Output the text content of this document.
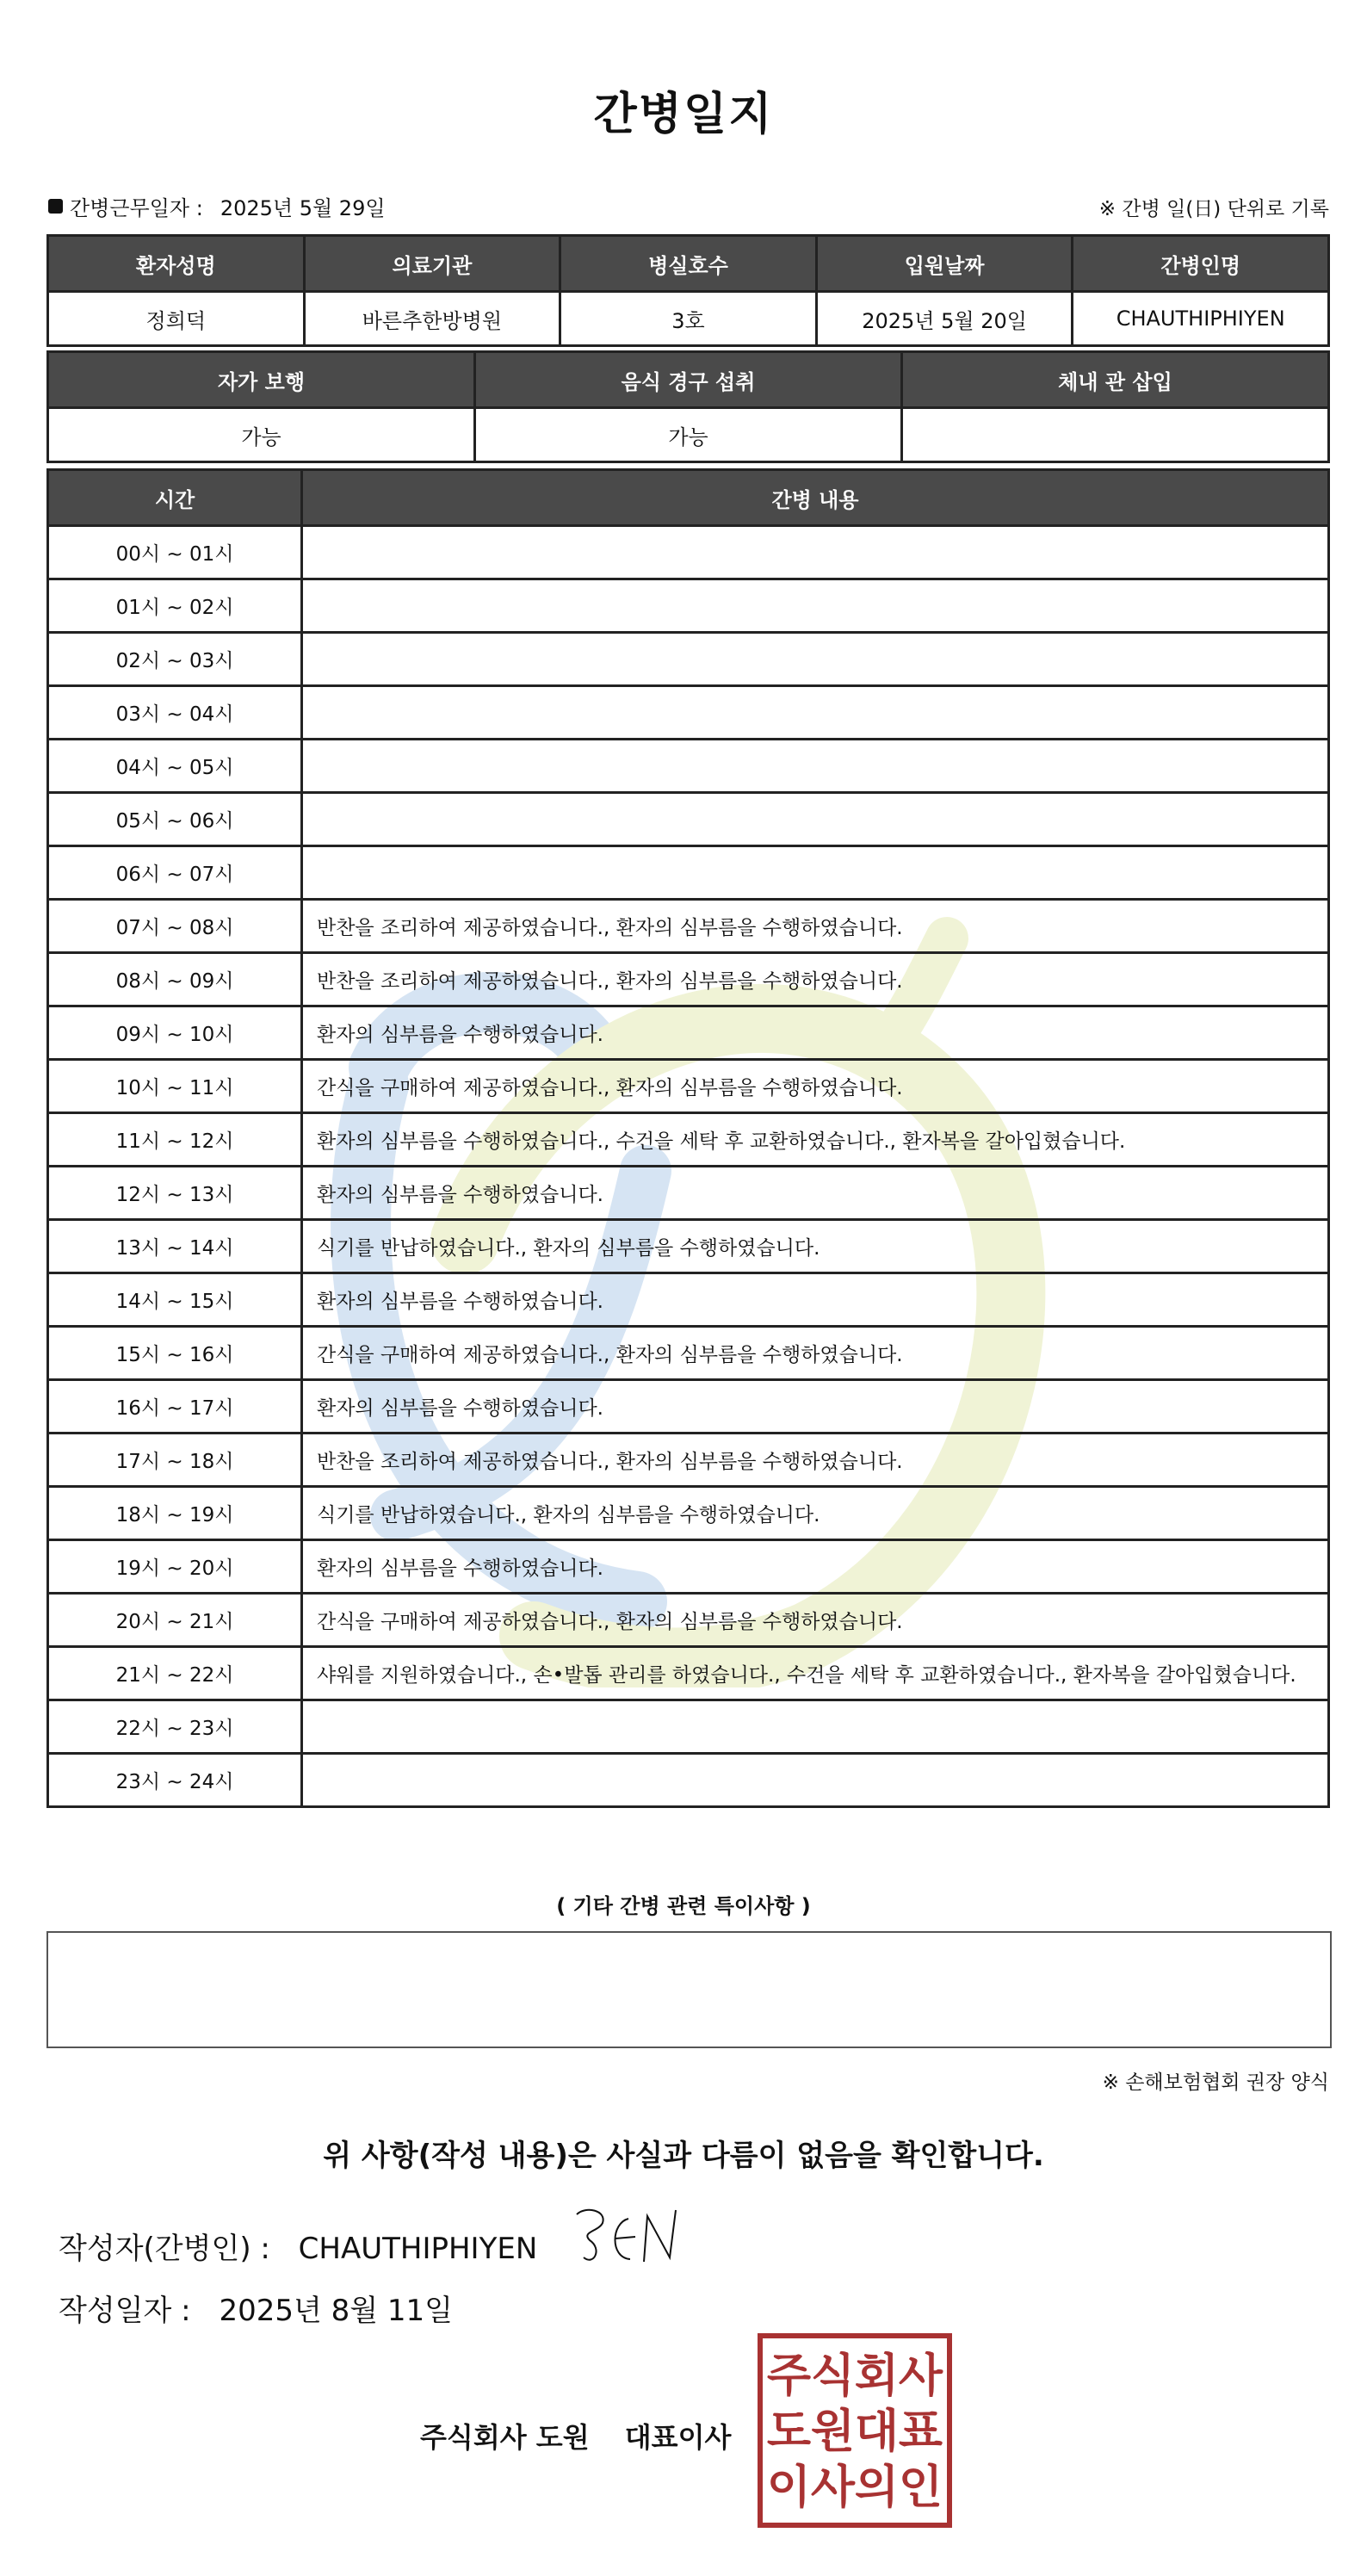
간병일지
간병근무일자 : 2025년 5월 29일	※ 간병 일(日) 단위로 기록
환자성명	의료기관	병실호수	입원날짜	간병인명
정희덕	바른추한방병원	3호	2025년 5월 20일	CHAUTHIPHIYEN
자가 보행	음식 경구 섭취	체내 관 삽입
가능	가능	
시간	간병 내용
00시 ~ 01시	
01시 ~ 02시	
02시 ~ 03시	
03시 ~ 04시	
04시 ~ 05시	
05시 ~ 06시	
06시 ~ 07시	
07시 ~ 08시	반찬을 조리하여 제공하였습니다., 환자의 심부름을 수행하였습니다.
08시 ~ 09시	반찬을 조리하여 제공하였습니다., 환자의 심부름을 수행하였습니다.
09시 ~ 10시	환자의 심부름을 수행하였습니다.
10시 ~ 11시	간식을 구매하여 제공하였습니다., 환자의 심부름을 수행하였습니다.
11시 ~ 12시	환자의 심부름을 수행하였습니다., 수건을 세탁 후 교환하였습니다., 환자복을 갈아입혔습니다.
12시 ~ 13시	환자의 심부름을 수행하였습니다.
13시 ~ 14시	식기를 반납하였습니다., 환자의 심부름을 수행하였습니다.
14시 ~ 15시	환자의 심부름을 수행하였습니다.
15시 ~ 16시	간식을 구매하여 제공하였습니다., 환자의 심부름을 수행하였습니다.
16시 ~ 17시	환자의 심부름을 수행하였습니다.
17시 ~ 18시	반찬을 조리하여 제공하였습니다., 환자의 심부름을 수행하였습니다.
18시 ~ 19시	식기를 반납하였습니다., 환자의 심부름을 수행하였습니다.
19시 ~ 20시	환자의 심부름을 수행하였습니다.
20시 ~ 21시	간식을 구매하여 제공하였습니다., 환자의 심부름을 수행하였습니다.
21시 ~ 22시	샤워를 지원하였습니다., 손•발톱 관리를 하였습니다., 수건을 세탁 후 교환하였습니다., 환자복을 갈아입혔습니다.
22시 ~ 23시	
23시 ~ 24시	
( 기타 간병 관련 특이사항 )
※ 손해보험협회 권장 양식
위 사항(작성 내용)은 사실과 다름이 없음을 확인합니다.
작성자(간병인) : CHAUTHIPHIYEN
작성일자 : 2025년 8월 11일
주식회사 도원 대표이사
주 식 회 사
도 원 대 표
이 사 의 인
